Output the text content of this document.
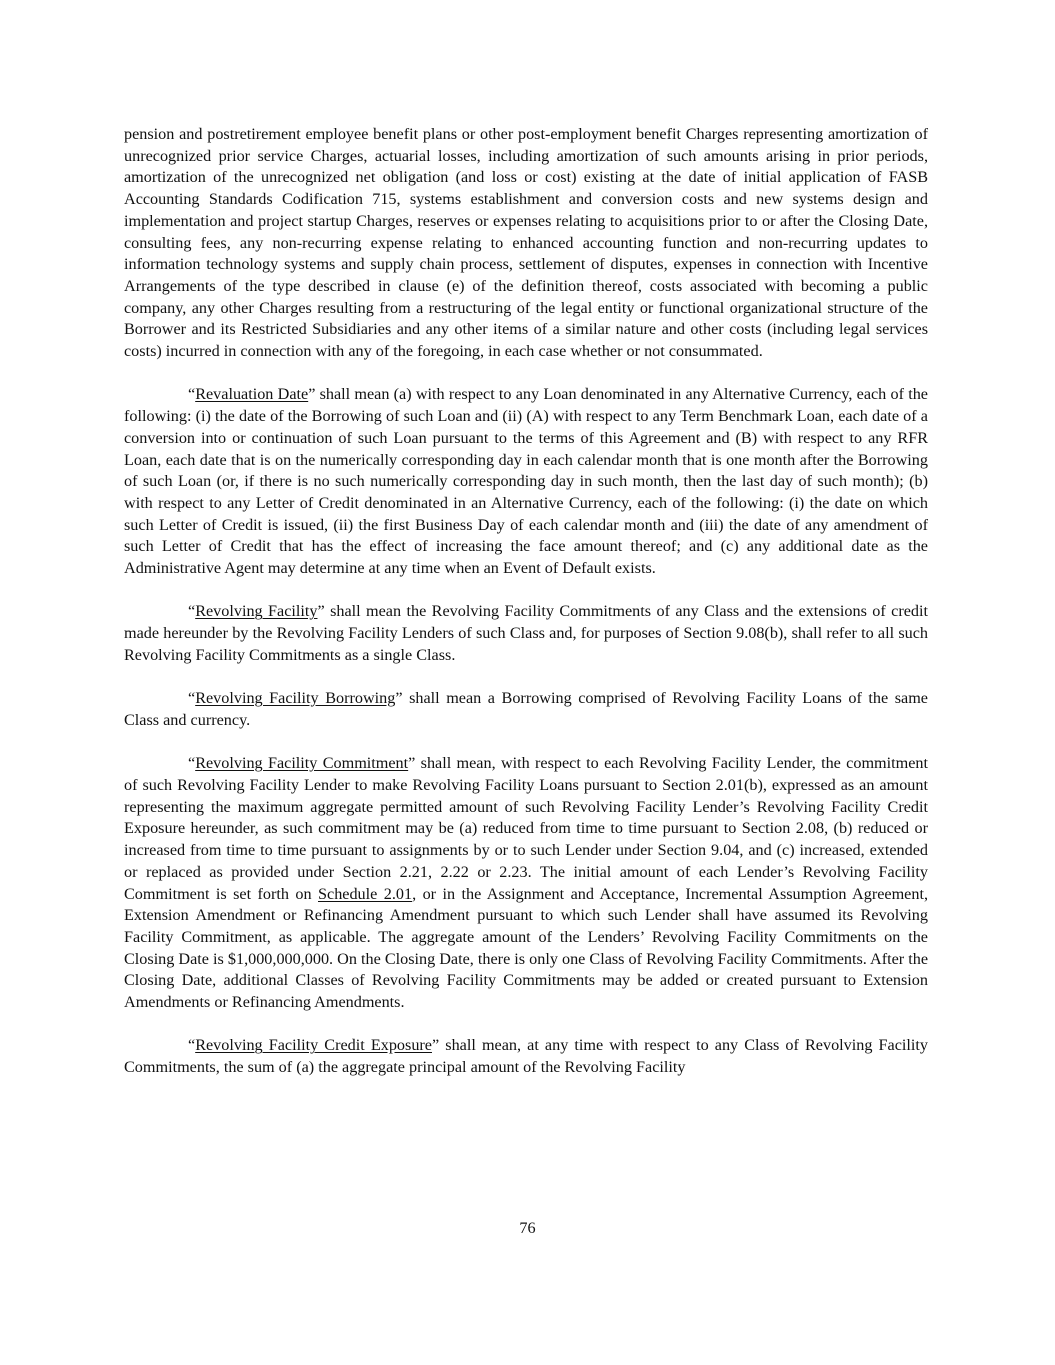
pension and postretirement employee benefit plans or other post-employment benefit Charges representing amortization of unrecognized prior service Charges, actuarial losses, including amortization of such amounts arising in prior periods, amortization of the unrecognized net obligation (and loss or cost) existing at the date of initial application of FASB Accounting Standards Codification 715, systems establishment and conversion costs and new systems design and implementation and project startup Charges, reserves or expenses relating to acquisitions prior to or after the Closing Date, consulting fees, any non-recurring expense relating to enhanced accounting function and non-recurring updates to information technology systems and supply chain process, settlement of disputes, expenses in connection with Incentive Arrangements of the type described in clause (e) of the definition thereof, costs associated with becoming a public company, any other Charges resulting from a restructuring of the legal entity or functional organizational structure of the Borrower and its Restricted Subsidiaries and any other items of a similar nature and other costs (including legal services costs) incurred in connection with any of the foregoing, in each case whether or not consummated.

“Revaluation Date” shall mean (a) with respect to any Loan denominated in any Alternative Currency, each of the following: (i) the date of the Borrowing of such Loan and (ii) (A) with respect to any Term Benchmark Loan, each date of a conversion into or continuation of such Loan pursuant to the terms of this Agreement and (B) with respect to any RFR Loan, each date that is on the numerically corresponding day in each calendar month that is one month after the Borrowing of such Loan (or, if there is no such numerically corresponding day in such month, then the last day of such month); (b) with respect to any Letter of Credit denominated in an Alternative Currency, each of the following: (i) the date on which such Letter of Credit is issued, (ii) the first Business Day of each calendar month and (iii) the date of any amendment of such Letter of Credit that has the effect of increasing the face amount thereof; and (c) any additional date as the Administrative Agent may determine at any time when an Event of Default exists.

“Revolving Facility” shall mean the Revolving Facility Commitments of any Class and the extensions of credit made hereunder by the Revolving Facility Lenders of such Class and, for purposes of Section 9.08(b), shall refer to all such Revolving Facility Commitments as a single Class.

“Revolving Facility Borrowing” shall mean a Borrowing comprised of Revolving Facility Loans of the same Class and currency.

“Revolving Facility Commitment” shall mean, with respect to each Revolving Facility Lender, the commitment of such Revolving Facility Lender to make Revolving Facility Loans pursuant to Section 2.01(b), expressed as an amount representing the maximum aggregate permitted amount of such Revolving Facility Lender’s Revolving Facility Credit Exposure hereunder, as such commitment may be (a) reduced from time to time pursuant to Section 2.08, (b) reduced or increased from time to time pursuant to assignments by or to such Lender under Section 9.04, and (c) increased, extended or replaced as provided under Section 2.21, 2.22 or 2.23. The initial amount of each Lender’s Revolving Facility Commitment is set forth on Schedule 2.01, or in the Assignment and Acceptance, Incremental Assumption Agreement, Extension Amendment or Refinancing Amendment pursuant to which such Lender shall have assumed its Revolving Facility Commitment, as applicable. The aggregate amount of the Lenders’ Revolving Facility Commitments on the Closing Date is $1,000,000,000. On the Closing Date, there is only one Class of Revolving Facility Commitments. After the Closing Date, additional Classes of Revolving Facility Commitments may be added or created pursuant to Extension Amendments or Refinancing Amendments.

“Revolving Facility Credit Exposure” shall mean, at any time with respect to any Class of Revolving Facility Commitments, the sum of (a) the aggregate principal amount of the Revolving Facility

76
